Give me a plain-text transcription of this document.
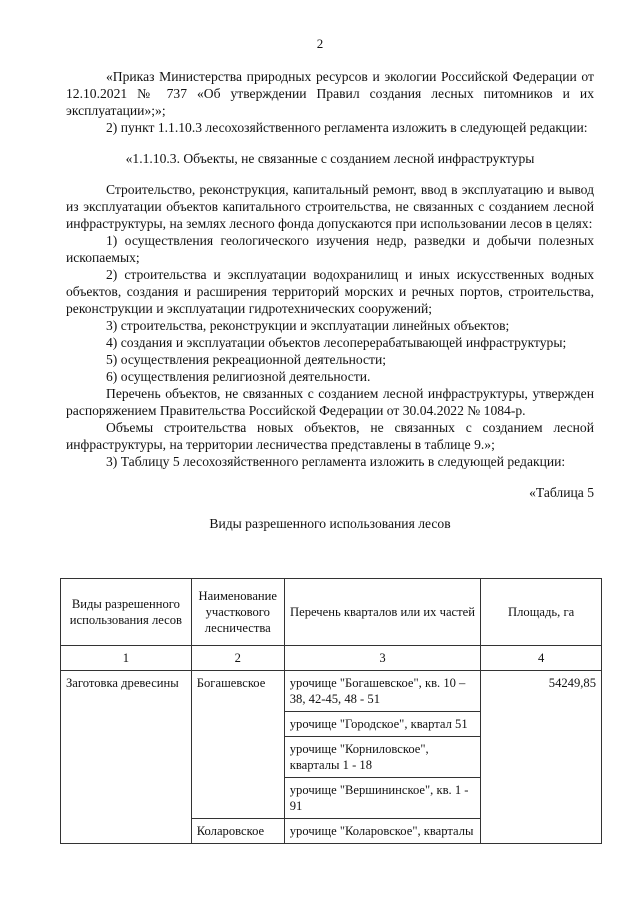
2

«Приказ Министерства природных ресурсов и экологии Российской Федерации от 12.10.2021 № 737 «Об утверждении Правил создания лесных питомников и их эксплуатации»;»;

2) пункт 1.1.10.3 лесохозяйственного регламента изложить в следующей редакции:

«1.1.10.3. Объекты, не связанные с созданием лесной инфраструктуры

Строительство, реконструкция, капитальный ремонт, ввод в эксплуатацию и вывод из эксплуатации объектов капитального строительства, не связанных с созданием лесной инфраструктуры, на землях лесного фонда допускаются при использовании лесов в целях:

1) осуществления геологического изучения недр, разведки и добычи полезных ископаемых;

2) строительства и эксплуатации водохранилищ и иных искусственных водных объектов, создания и расширения территорий морских и речных портов, строительства, реконструкции и эксплуатации гидротехнических сооружений;

3) строительства, реконструкции и эксплуатации линейных объектов;

4) создания и эксплуатации объектов лесоперерабатывающей инфраструктуры;

5) осуществления рекреационной деятельности;

6) осуществления религиозной деятельности.

Перечень объектов, не связанных с созданием лесной инфраструктуры, утвержден распоряжением Правительства Российской Федерации от 30.04.2022 № 1084-р.

Объемы строительства новых объектов, не связанных с созданием лесной инфраструктуры, на территории лесничества представлены в таблице 9.»;

3) Таблицу 5 лесохозяйственного регламента изложить в следующей редакции:

«Таблица 5

Виды разрешенного использования лесов

Виды разрешенного использования лесов	Наименование участкового лесничества	Перечень кварталов или их частей	Площадь, га
1	2	3	4
Заготовка древесины	Богашевское	урочище "Богашевское", кв. 10 – 38, 42-45, 48 - 51	54249,85
		урочище "Городское", квартал 51	
		урочище "Корниловское", кварталы 1 - 18	
		урочище "Вершининское", кв. 1 - 91	
	Коларовское	урочище "Коларовское", кварталы	
